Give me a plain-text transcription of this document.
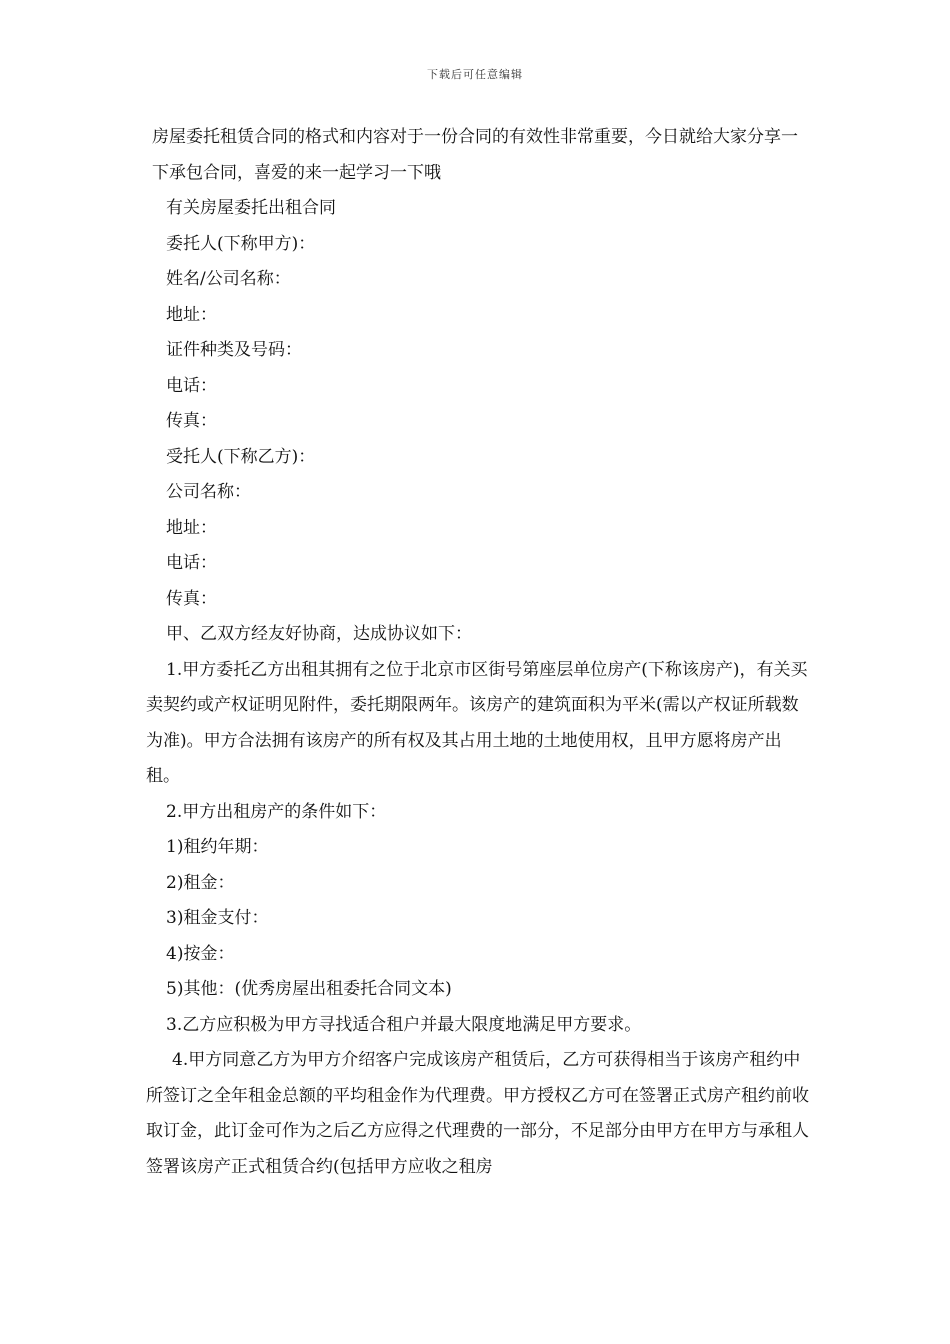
下载后可任意编辑

房屋委托租赁合同的格式和内容对于一份合同的有效性非常重要，今日就给大家分享一下承包合同，喜爱的来一起学习一下哦

有关房屋委托出租合同

委托人(下称甲方)：

姓名/公司名称：

地址：

证件种类及号码：

电话：

传真：

受托人(下称乙方)：

公司名称：

地址：

电话：

传真：

甲、乙双方经友好协商，达成协议如下：

1.甲方委托乙方出租其拥有之位于北京市区街号第座层单位房产(下称该房产)，有关买卖契约或产权证明见附件，委托期限两年。该房产的建筑面积为平米(需以产权证所载数为准)。甲方合法拥有该房产的所有权及其占用土地的土地使用权，且甲方愿将房产出租。

2.甲方出租房产的条件如下：

1)租约年期：

2)租金：

3)租金支付：

4)按金：

5)其他：(优秀房屋出租委托合同文本)

3.乙方应积极为甲方寻找适合租户并最大限度地满足甲方要求。

4.甲方同意乙方为甲方介绍客户完成该房产租赁后，乙方可获得相当于该房产租约中所签订之全年租金总额的平均租金作为代理费。甲方授权乙方可在签署正式房产租约前收取订金，此订金可作为之后乙方应得之代理费的一部分，不足部分由甲方在甲方与承租人签署该房产正式租赁合约(包括甲方应收之租房
